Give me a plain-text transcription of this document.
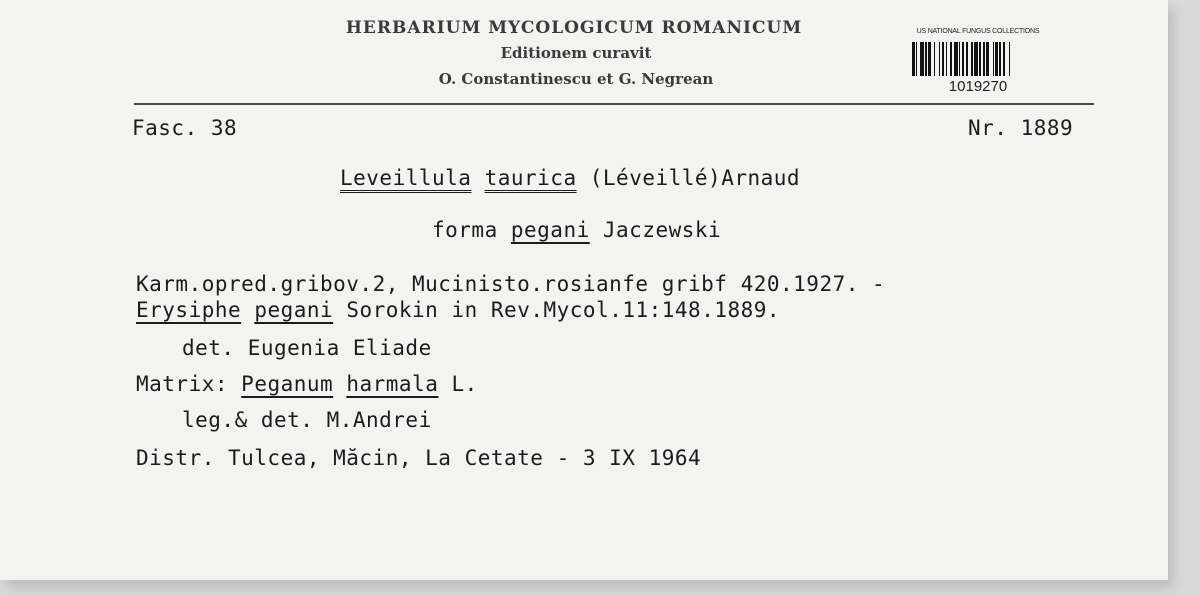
HERBARIUM MYCOLOGICUM ROMANICUM
Editionem curavit
O. Constantinescu et G. Negrean
US NATIONAL FUNGUS COLLECTIONS
1019270
Fasc. 38	Nr. 1889
Leveillula taurica (Léveillé)Arnaud
forma pegani Jaczewski
Karm.opred.gribov.2, Mucinisto.rosianfe gribf 420.1927. -
Erysiphe pegani Sorokin in Rev.Mycol.11:148.1889.
det. Eugenia Eliade
Matrix: Peganum harmala L.
leg.& det. M.Andrei
Distr. Tulcea, Măcin, La Cetate - 3 IX 1964
